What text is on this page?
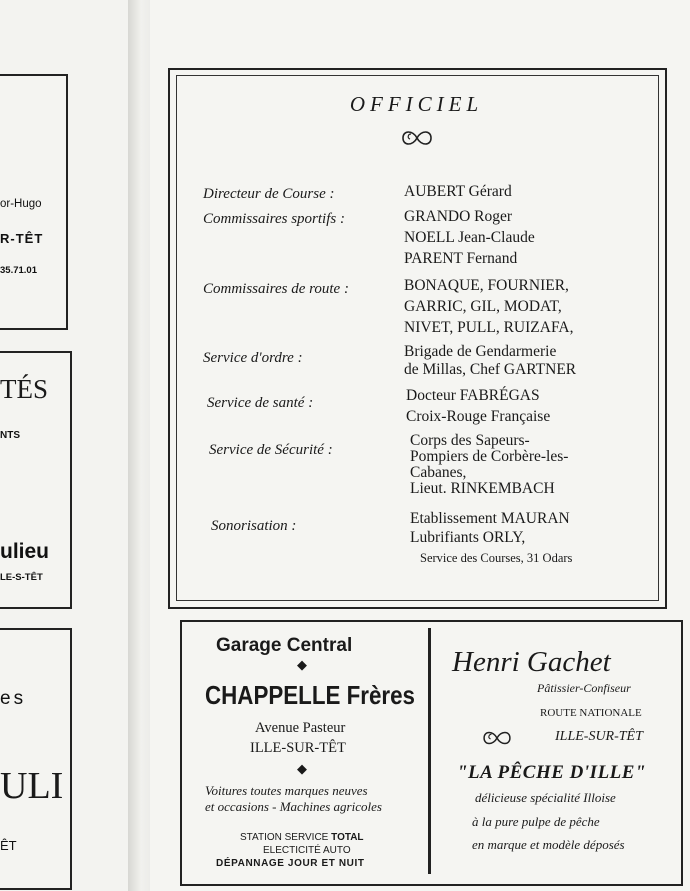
or-Hugo
R-TÊT
35.71.01
TÉS
NTS
ulieu
LE-S-TÊT
es
ULI
ÊT
OFFICIEL
Directeur de Course :	AUBERT Gérard
Commissaires sportifs :	GRANDO Roger
NOELL Jean-Claude
PARENT Fernand
Commissaires de route :	BONAQUE, FOURNIER,
GARRIC, GIL, MODAT,
NIVET, PULL, RUIZAFA,
Service d'ordre :	Brigade de Gendarmerie
de Millas, Chef GARTNER
Service de santé :	Docteur FABRÉGAS
Croix-Rouge Française
Service de Sécurité :
Corps des Sapeurs-
Pompiers de Corbère-les-
Cabanes,
Lieut. RINKEMBACH
Sonorisation :	Etablissement MAURAN
Lubrifiants ORLY,
Service des Courses, 31 Odars
Garage Central
◆
CHAPPELLE Frères
Avenue Pasteur
ILLE-SUR-TÊT
◆
Voitures toutes marques neuves
et occasions - Machines agricoles
STATION SERVICE TOTAL
ELECTICITÉ AUTO
DÉPANNAGE JOUR ET NUIT
Henri Gachet
Pâtissier-Confiseur
ROUTE NATIONALE
ILLE-SUR-TÊT
"LA PÊCHE D'ILLE"
délicieuse spécialité Illoise
à la pure pulpe de pêche
en marque et modèle déposés
